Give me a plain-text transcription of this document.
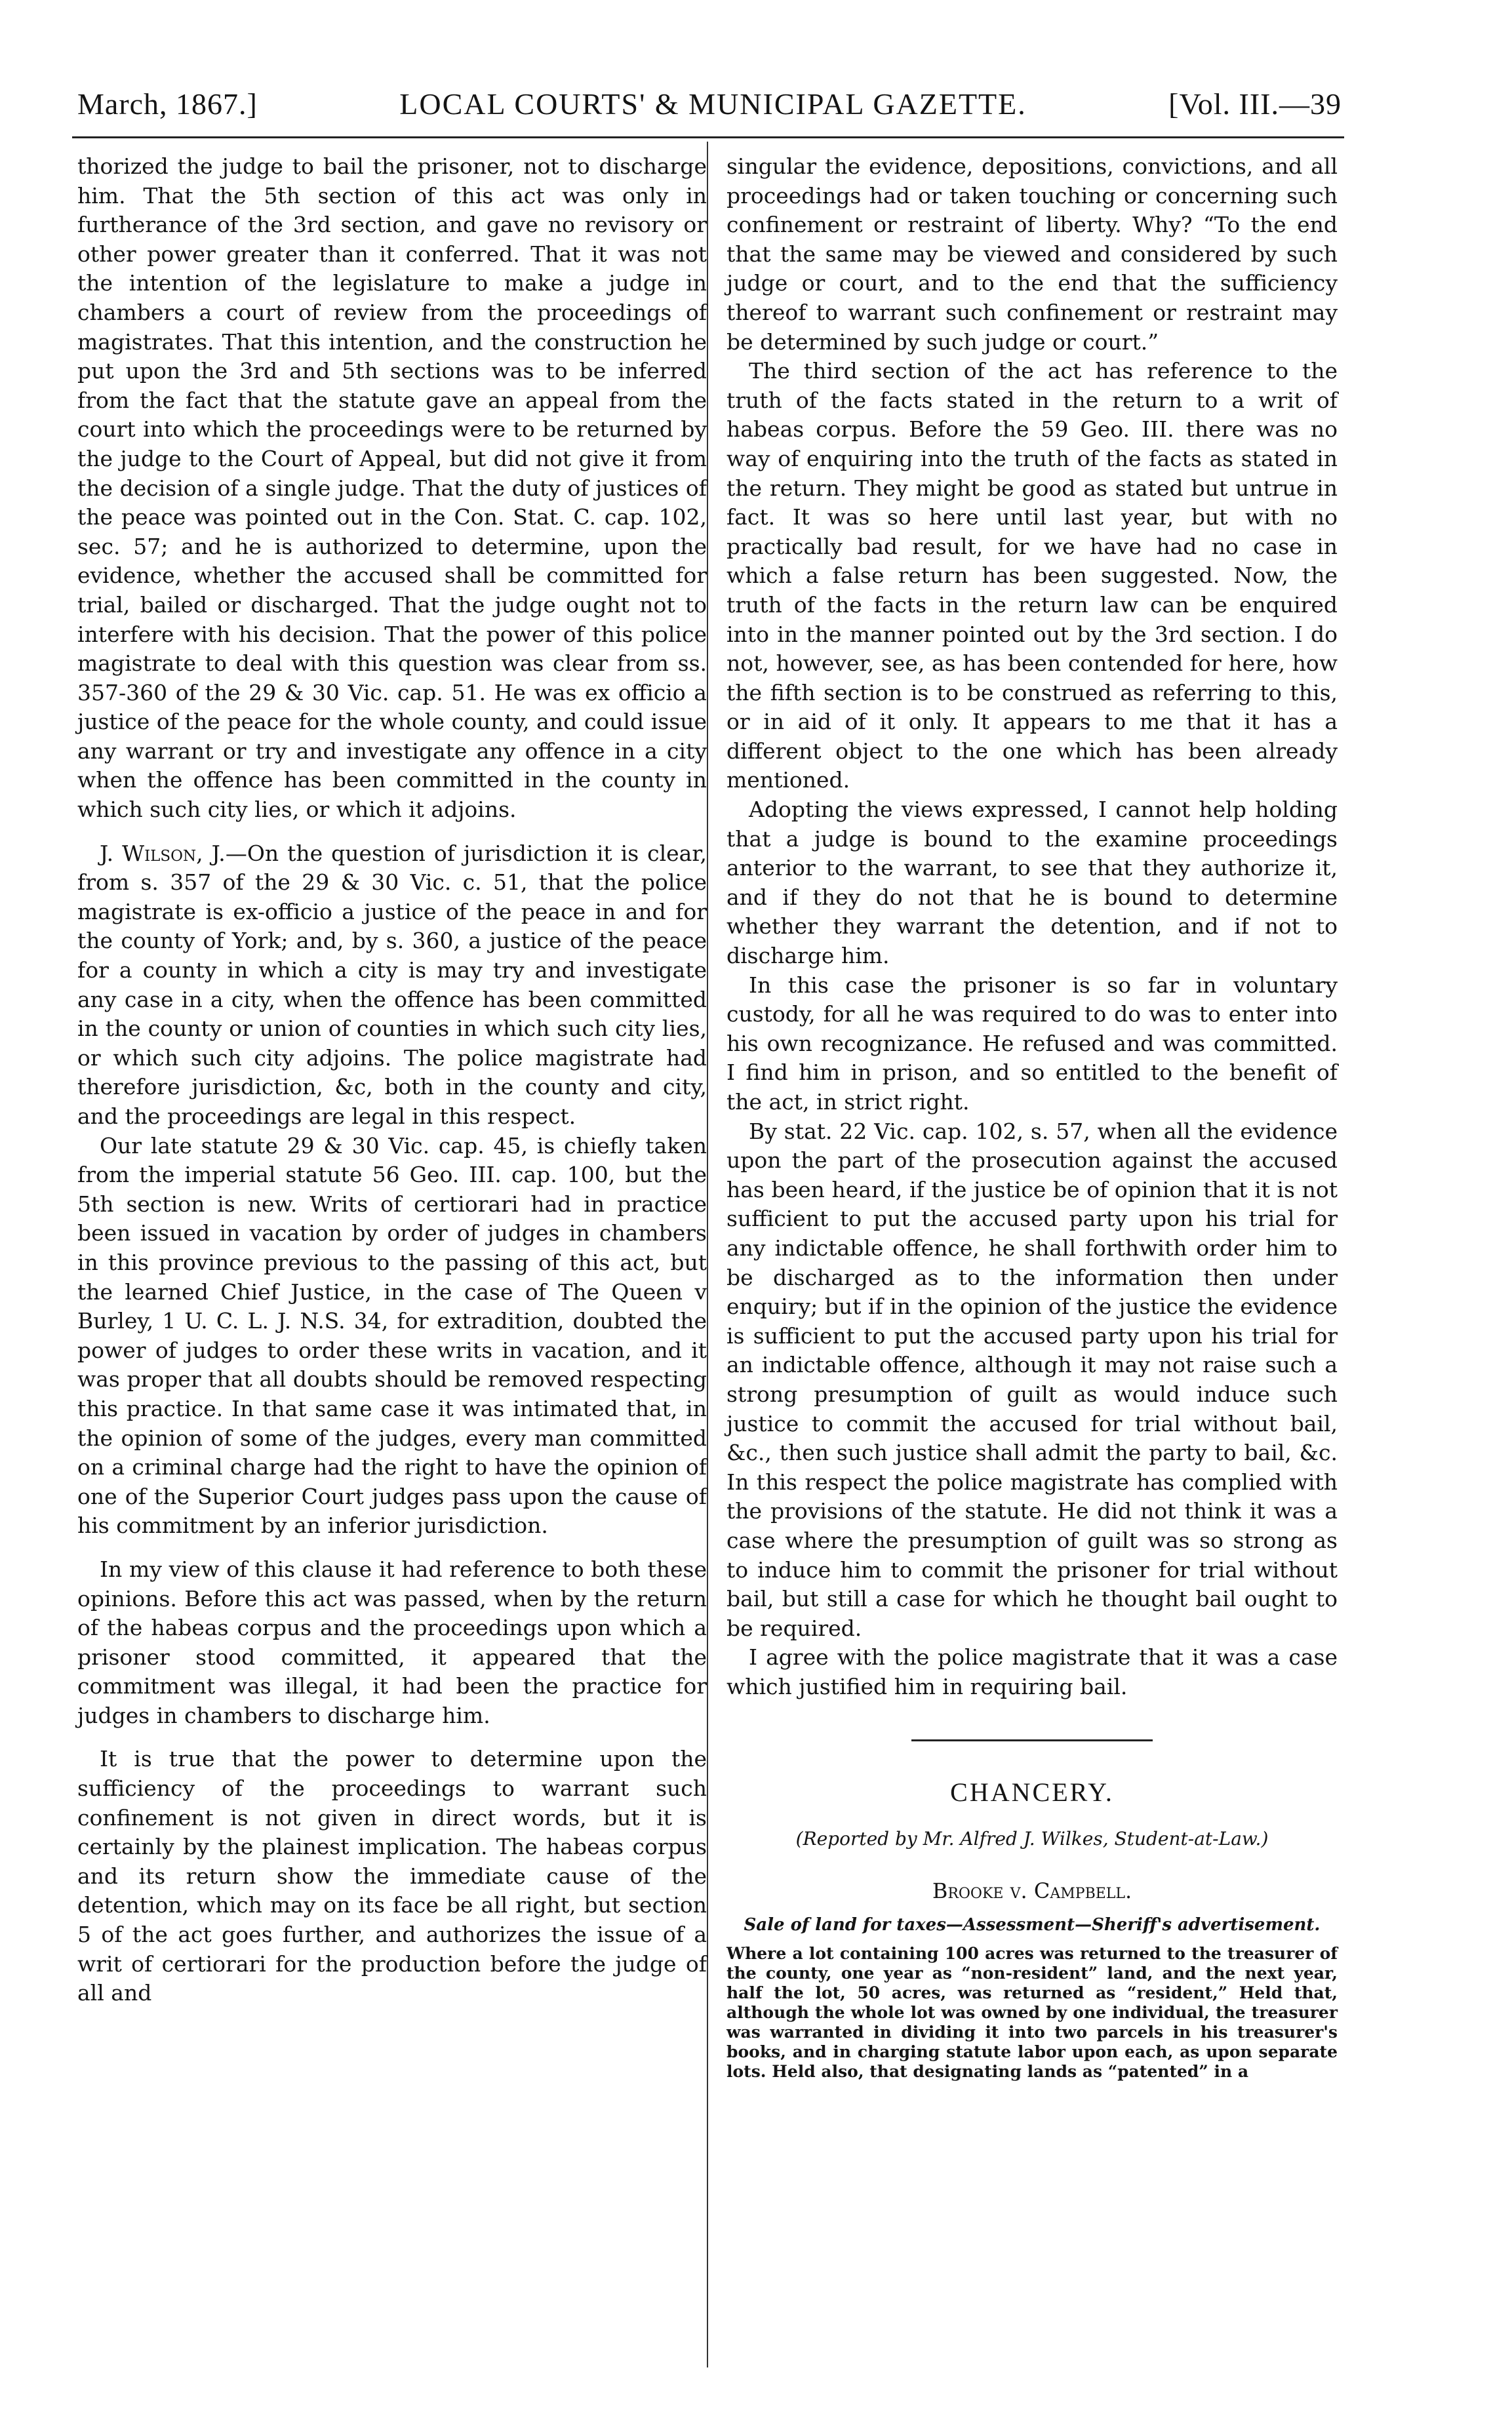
March, 1867.]	LOCAL COURTS' & MUNICIPAL GAZETTE.	[Vol. III.—39

thorized the judge to bail the prisoner, not to discharge him. That the 5th section of this act was only in furtherance of the 3rd section, and gave no revisory or other power greater than it conferred. That it was not the intention of the legislature to make a judge in chambers a court of review from the proceedings of magistrates. That this intention, and the construction he put upon the 3rd and 5th sections was to be inferred from the fact that the statute gave an appeal from the court into which the proceedings were to be returned by the judge to the Court of Appeal, but did not give it from the decision of a single judge. That the duty of justices of the peace was pointed out in the Con. Stat. C. cap. 102, sec. 57; and he is authorized to determine, upon the evidence, whether the accused shall be committed for trial, bailed or discharged. That the judge ought not to interfere with his decision. That the power of this police magistrate to deal with this question was clear from ss. 357-360 of the 29 & 30 Vic. cap. 51. He was ex officio a justice of the peace for the whole county, and could issue any warrant or try and investigate any offence in a city when the offence has been committed in the county in which such city lies, or which it adjoins.

J. Wilson, J.—On the question of jurisdiction it is clear, from s. 357 of the 29 & 30 Vic. c. 51, that the police magistrate is ex-officio a justice of the peace in and for the county of York; and, by s. 360, a justice of the peace for a county in which a city is may try and investigate any case in a city, when the offence has been committed in the county or union of counties in which such city lies, or which such city adjoins. The police magistrate had therefore jurisdiction, &c, both in the county and city, and the proceedings are legal in this respect.

Our late statute 29 & 30 Vic. cap. 45, is chiefly taken from the imperial statute 56 Geo. III. cap. 100, but the 5th section is new. Writs of certiorari had in practice been issued in vacation by order of judges in chambers in this province previous to the passing of this act, but the learned Chief Justice, in the case of The Queen v Burley, 1 U. C. L. J. N.S. 34, for extradition, doubted the power of judges to order these writs in vacation, and it was proper that all doubts should be removed respecting this practice. In that same case it was intimated that, in the opinion of some of the judges, every man committed on a criminal charge had the right to have the opinion of one of the Superior Court judges pass upon the cause of his commitment by an inferior jurisdiction.

In my view of this clause it had reference to both these opinions. Before this act was passed, when by the return of the habeas corpus and the proceedings upon which a prisoner stood committed, it appeared that the commitment was illegal, it had been the practice for judges in chambers to discharge him.

It is true that the power to determine upon the sufficiency of the proceedings to warrant such confinement is not given in direct words, but it is certainly by the plainest implication. The habeas corpus and its return show the immediate cause of the detention, which may on its face be all right, but section 5 of the act goes further, and authorizes the issue of a writ of certiorari for the production before the judge of all and

singular the evidence, depositions, convictions, and all proceedings had or taken touching or concerning such confinement or restraint of liberty. Why? “To the end that the same may be viewed and considered by such judge or court, and to the end that the sufficiency thereof to warrant such confinement or restraint may be determined by such judge or court.”

The third section of the act has reference to the truth of the facts stated in the return to a writ of habeas corpus. Before the 59 Geo. III. there was no way of enquiring into the truth of the facts as stated in the return. They might be good as stated but untrue in fact. It was so here until last year, but with no practically bad result, for we have had no case in which a false return has been suggested. Now, the truth of the facts in the return law can be enquired into in the manner pointed out by the 3rd section. I do not, however, see, as has been contended for here, how the fifth section is to be construed as referring to this, or in aid of it only. It appears to me that it has a different object to the one which has been already mentioned.

Adopting the views expressed, I cannot help holding that a judge is bound to the examine proceedings anterior to the warrant, to see that they authorize it, and if they do not that he is bound to determine whether they warrant the detention, and if not to discharge him.

In this case the prisoner is so far in voluntary custody, for all he was required to do was to enter into his own recognizance. He refused and was committed. I find him in prison, and so entitled to the benefit of the act, in strict right.

By stat. 22 Vic. cap. 102, s. 57, when all the evidence upon the part of the prosecution against the accused has been heard, if the justice be of opinion that it is not sufficient to put the accused party upon his trial for any indictable offence, he shall forthwith order him to be discharged as to the information then under enquiry; but if in the opinion of the justice the evidence is sufficient to put the accused party upon his trial for an indictable offence, although it may not raise such a strong presumption of guilt as would induce such justice to commit the accused for trial without bail, &c., then such justice shall admit the party to bail, &c. In this respect the police magistrate has complied with the provisions of the statute. He did not think it was a case where the presumption of guilt was so strong as to induce him to commit the prisoner for trial without bail, but still a case for which he thought bail ought to be required.

I agree with the police magistrate that it was a case which justified him in requiring bail.

CHANCERY.
(Reported by Mr. Alfred J. Wilkes, Student-at-Law.)
Brooke v. Campbell.
Sale of land for taxes—Assessment—Sheriff's advertisement.
Where a lot containing 100 acres was returned to the treasurer of the county, one year as “non-resident” land, and the next year, half the lot, 50 acres, was returned as “resident,” Held that, although the whole lot was owned by one individual, the treasurer was warranted in dividing it into two parcels in his treasurer's books, and in charging statute labor upon each, as upon separate lots. Held also, that designating lands as “patented” in a
